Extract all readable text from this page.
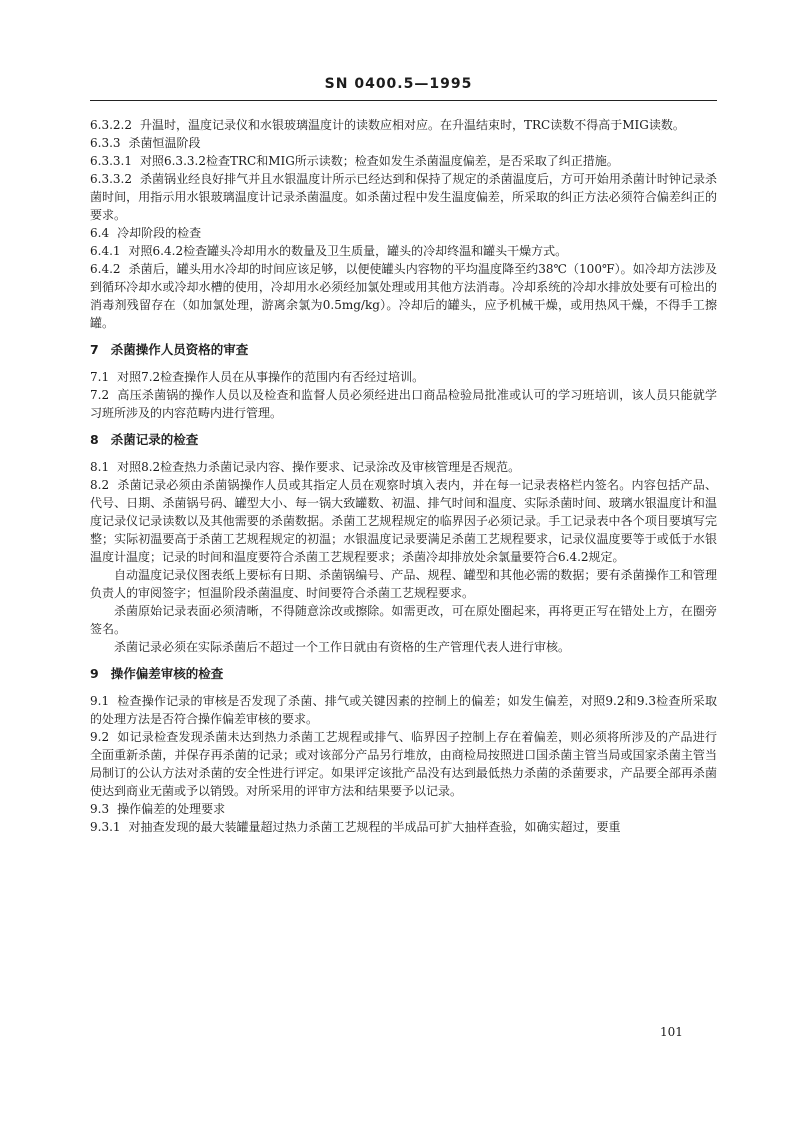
SN 0400.5—1995

6.3.2.2 升温时，温度记录仪和水银玻璃温度计的读数应相对应。在升温结束时，TRC读数不得高于MIG读数。

6.3.3 杀菌恒温阶段

6.3.3.1 对照6.3.3.2检查TRC和MIG所示读数；检查如发生杀菌温度偏差，是否采取了纠正措施。

6.3.3.2 杀菌锅业经良好排气并且水银温度计所示已经达到和保持了规定的杀菌温度后，方可开始用杀菌计时钟记录杀菌时间，用指示用水银玻璃温度计记录杀菌温度。如杀菌过程中发生温度偏差，所采取的纠正方法必须符合偏差纠正的要求。

6.4 冷却阶段的检查

6.4.1 对照6.4.2检查罐头冷却用水的数量及卫生质量，罐头的冷却终温和罐头干燥方式。

6.4.2 杀菌后，罐头用水冷却的时间应该足够，以便使罐头内容物的平均温度降至约38℃（100℉）。如冷却方法涉及到循环冷却水或冷却水槽的使用，冷却用水必须经加氯处理或用其他方法消毒。冷却系统的冷却水排放处要有可检出的消毒剂残留存在（如加氯处理，游离余氯为0.5mg/kg）。冷却后的罐头，应予机械干燥，或用热风干燥，不得手工擦罐。

7 杀菌操作人员资格的审查

7.1 对照7.2检查操作人员在从事操作的范围内有否经过培训。

7.2 高压杀菌锅的操作人员以及检查和监督人员必须经进出口商品检验局批准或认可的学习班培训，该人员只能就学习班所涉及的内容范畴内进行管理。

8 杀菌记录的检查

8.1 对照8.2检查热力杀菌记录内容、操作要求、记录涂改及审核管理是否规范。

8.2 杀菌记录必须由杀菌锅操作人员或其指定人员在观察时填入表内，并在每一记录表格栏内签名。内容包括产品、代号、日期、杀菌锅号码、罐型大小、每一锅大致罐数、初温、排气时间和温度、实际杀菌时间、玻璃水银温度计和温度记录仪记录读数以及其他需要的杀菌数据。杀菌工艺规程规定的临界因子必须记录。手工记录表中各个项目要填写完整；实际初温要高于杀菌工艺规程规定的初温；水银温度记录要满足杀菌工艺规程要求，记录仪温度要等于或低于水银温度计温度；记录的时间和温度要符合杀菌工艺规程要求；杀菌冷却排放处余氯量要符合6.4.2规定。

自动温度记录仪图表纸上要标有日期、杀菌锅编号、产品、规程、罐型和其他必需的数据；要有杀菌操作工和管理负责人的审阅签字；恒温阶段杀菌温度、时间要符合杀菌工艺规程要求。

杀菌原始记录表面必须清晰，不得随意涂改或擦除。如需更改，可在原处圈起来，再将更正写在错处上方，在圈旁签名。

杀菌记录必须在实际杀菌后不超过一个工作日就由有资格的生产管理代表人进行审核。

9 操作偏差审核的检查

9.1 检查操作记录的审核是否发现了杀菌、排气或关键因素的控制上的偏差；如发生偏差，对照9.2和9.3检查所采取的处理方法是否符合操作偏差审核的要求。

9.2 如记录检查发现杀菌未达到热力杀菌工艺规程或排气、临界因子控制上存在着偏差，则必须将所涉及的产品进行全面重新杀菌，并保存再杀菌的记录；或对该部分产品另行堆放，由商检局按照进口国杀菌主管当局或国家杀菌主管当局制订的公认方法对杀菌的安全性进行评定。如果评定该批产品没有达到最低热力杀菌的杀菌要求，产品要全部再杀菌使达到商业无菌或予以销毁。对所采用的评审方法和结果要予以记录。

9.3 操作偏差的处理要求

9.3.1 对抽查发现的最大装罐量超过热力杀菌工艺规程的半成品可扩大抽样查验，如确实超过，要重

101
